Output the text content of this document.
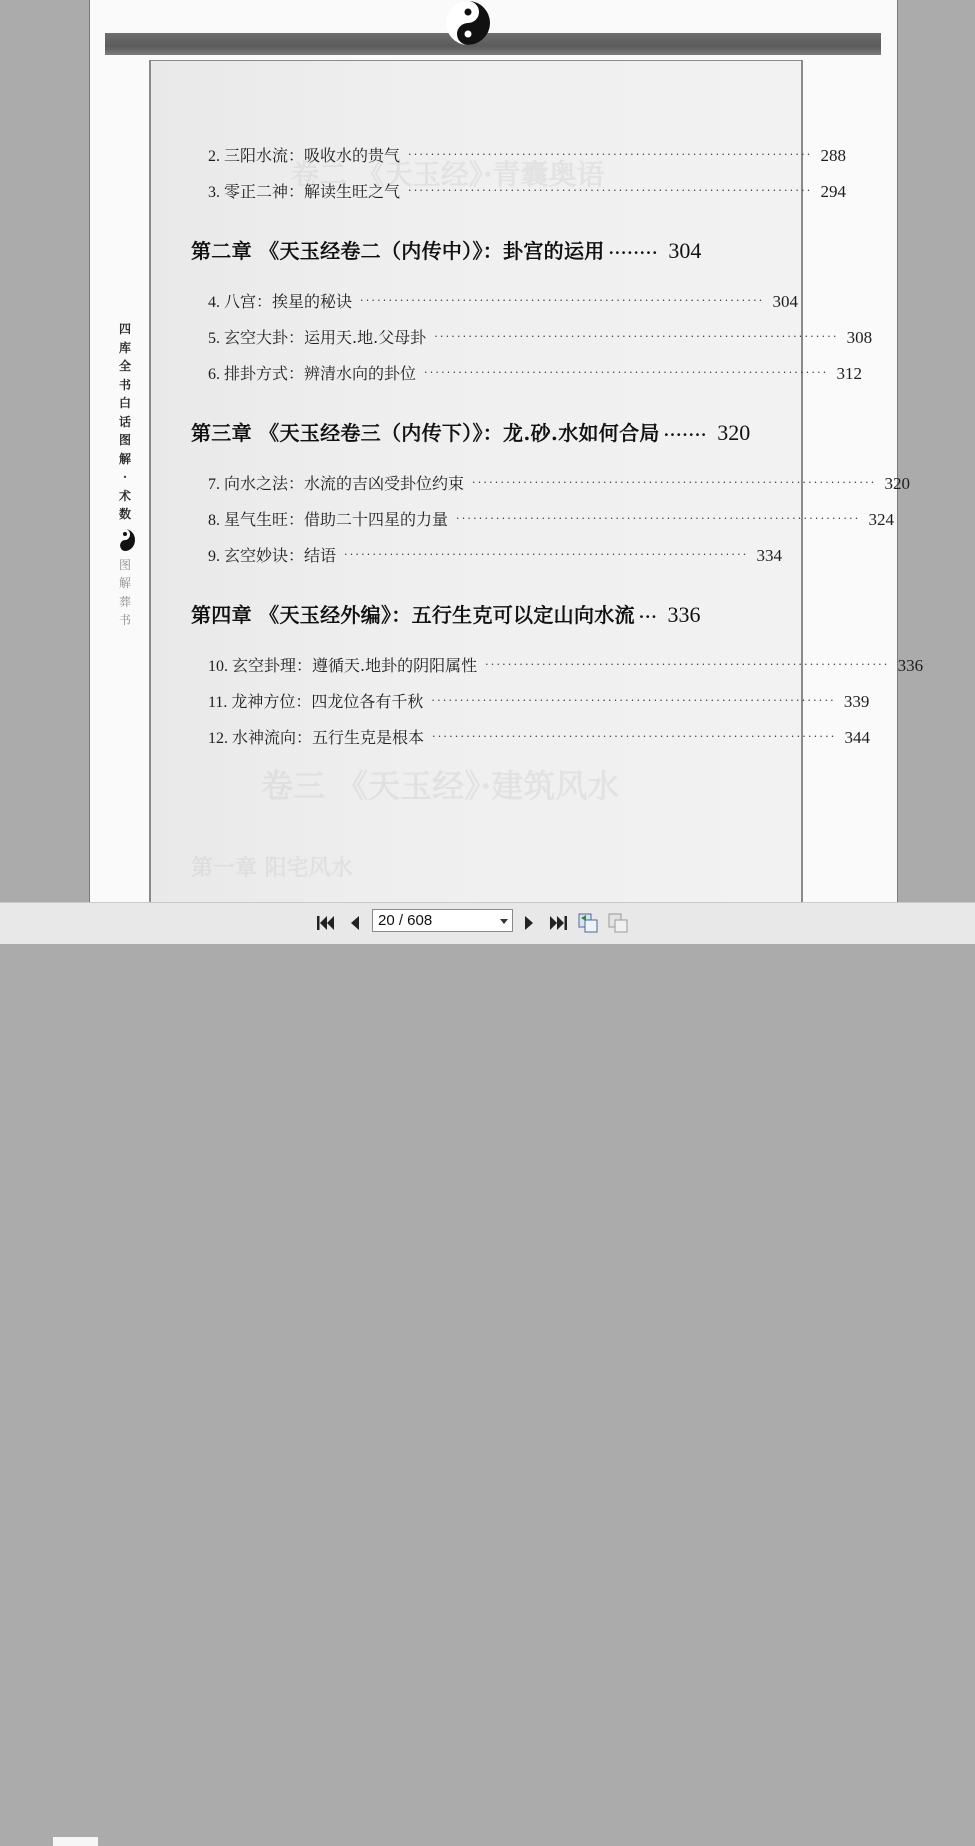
四
库
全
书
白
话
图
解
·
术
数
图
解
葬
书
卷二 《天玉经》·青囊奥语
卷三 《天玉经》·建筑风水
第一章 阳宅风水
2. 三阳水流：吸收水的贵气 ······································································· 288
3. 零正二神：解读生旺之气 ······································································· 294
第二章 《天玉经卷二（内传中）》：卦宫的运用 ········ 304
4. 八宫：挨星的秘诀 ······································································· 304
5. 玄空大卦：运用天.地.父母卦 ······································································· 308
6. 排卦方式：辨清水向的卦位 ······································································· 312
第三章 《天玉经卷三（内传下）》：龙.砂.水如何合局 ······· 320
7. 向水之法：水流的吉凶受卦位约束 ······································································· 320
8. 星气生旺：借助二十四星的力量 ······································································· 324
9. 玄空妙诀：结语 ······································································· 334
第四章 《天玉经外编》：五行生克可以定山向水流 ··· 336
10. 玄空卦理：遵循天.地卦的阴阳属性 ······································································· 336
11. 龙神方位：四龙位各有千秋 ······································································· 339
12. 水神流向：五行生克是根本 ······································································· 344
20 / 608
